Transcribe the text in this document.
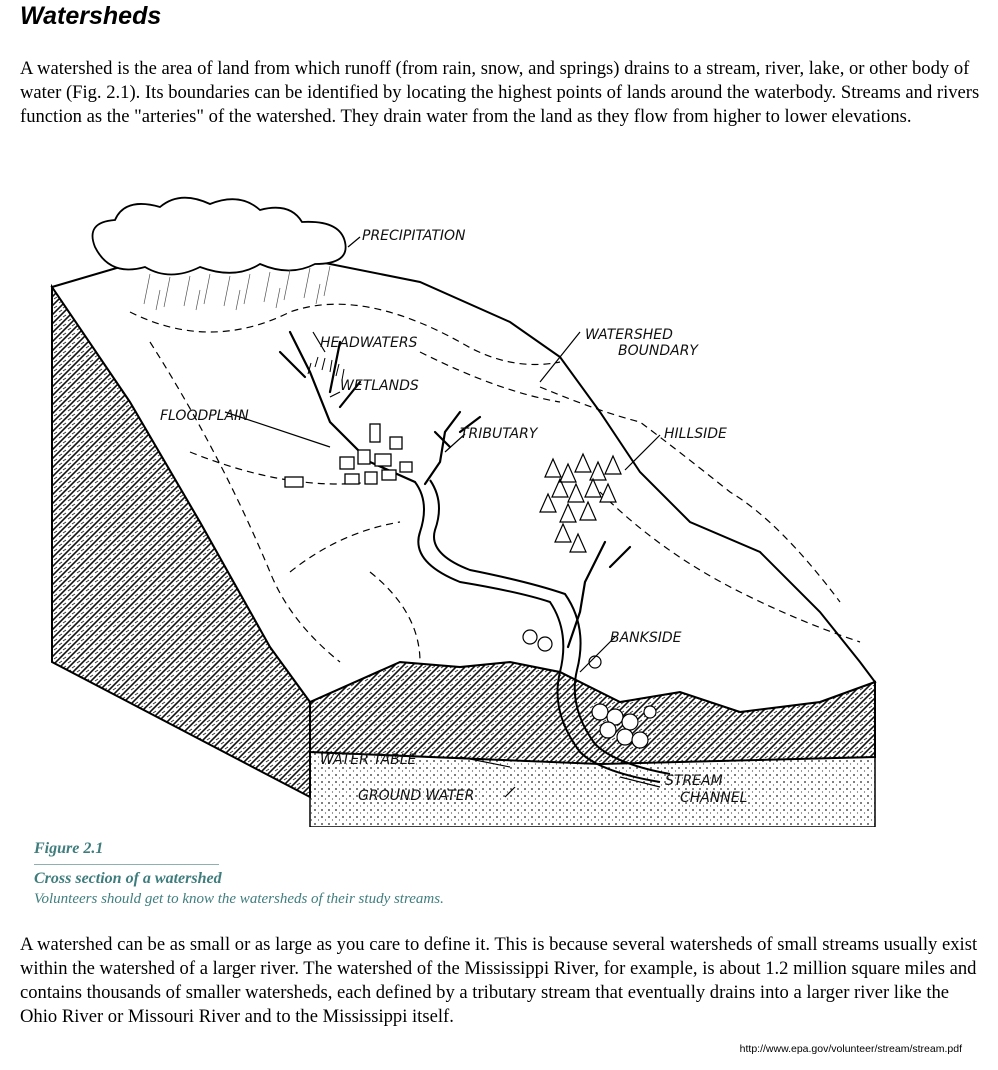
Watersheds

A watershed is the area of land from which runoff (from rain, snow, and springs) drains to a stream, river, lake, or other body of water (Fig. 2.1). Its boundaries can be identified by locating the highest points of lands around the waterbody. Streams and rivers function as the "arteries" of the watershed. They drain water from the land as they flow from higher to lower elevations.

PRECIPITATION
HEADWATERS	WATERSHED
BOUNDARY
WETLANDS
FLOODPLAIN
TRIBUTARY	HILLSIDE
BANKSIDE
WATER TABLE
GROUND WATER
STREAM
CHANNEL
Figure 2.1
Cross section of a watershed
Volunteers should get to know the watersheds of their study streams.

A watershed can be as small or as large as you care to define it. This is because several watersheds of small streams usually exist within the watershed of a larger river. The watershed of the Mississippi River, for example, is about 1.2 million square miles and contains thousands of smaller watersheds, each defined by a tributary stream that eventually drains into a larger river like the Ohio River or Missouri River and to the Mississippi itself.

http://www.epa.gov/volunteer/stream/stream.pdf
